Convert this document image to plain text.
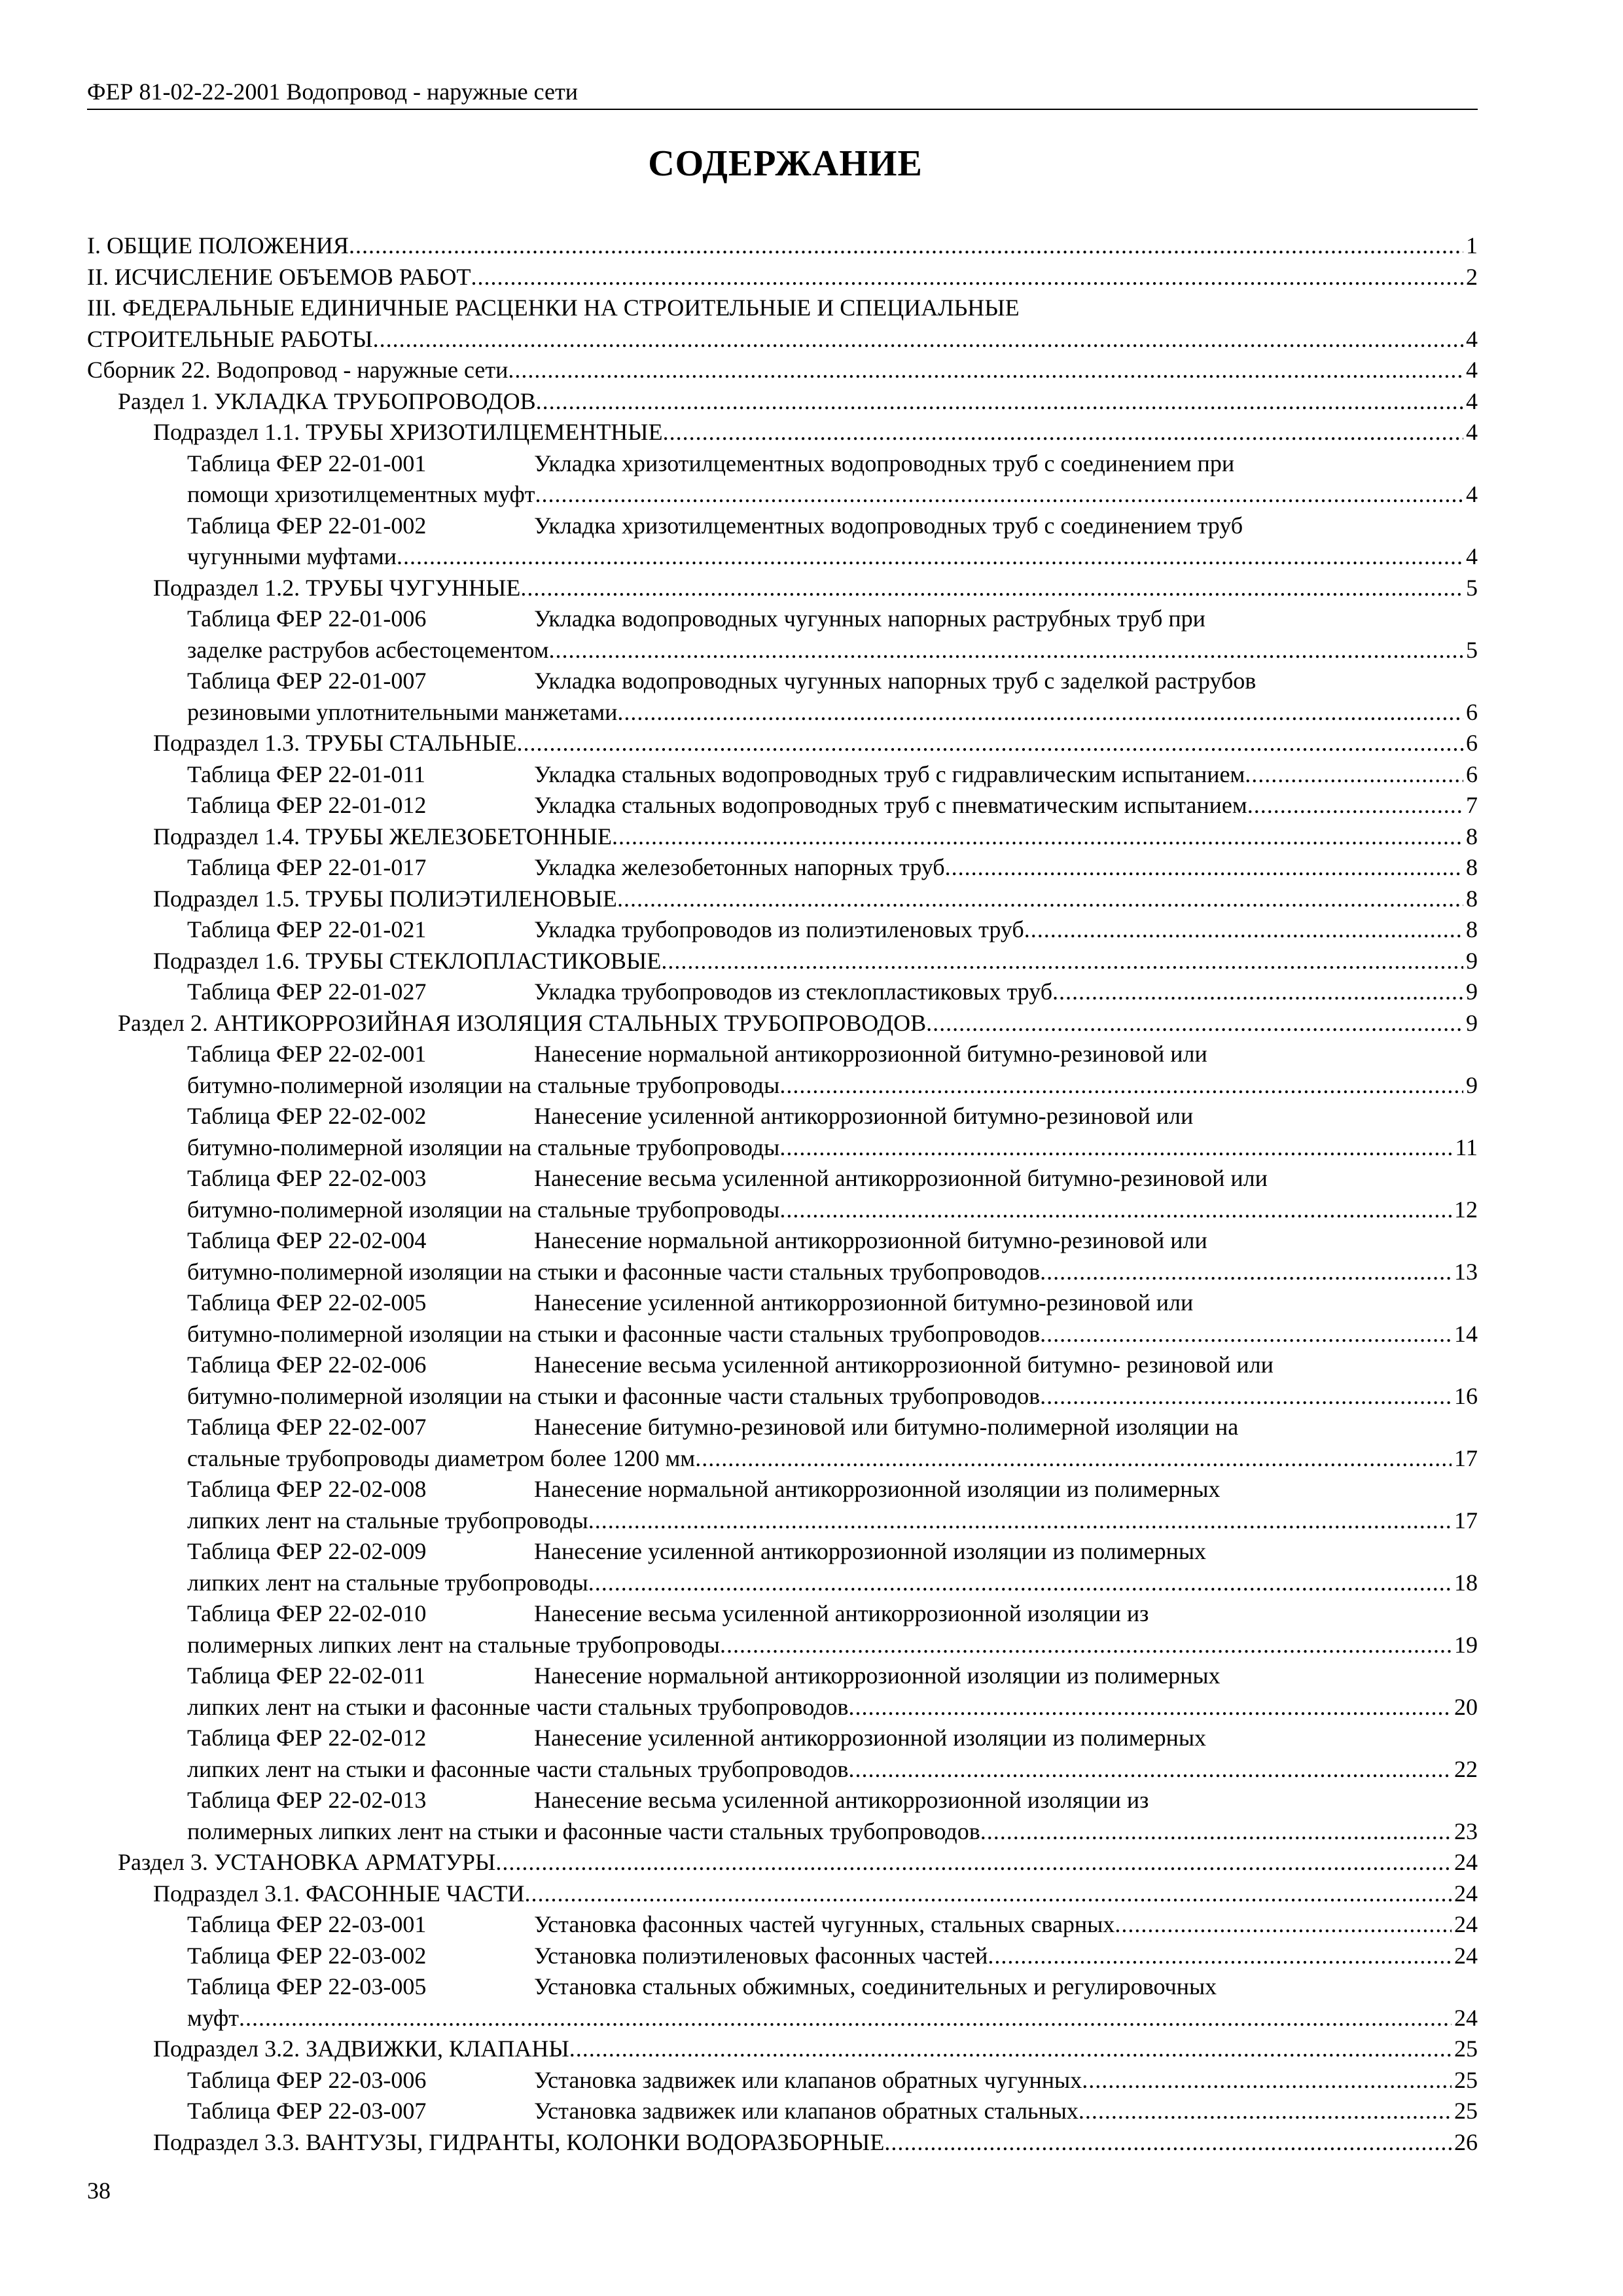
ФЕР 81-02-22-2001 Водопровод - наружные сети
СОДЕРЖАНИЕ
I. ОБЩИЕ ПОЛОЖЕНИЯ .....	1
II. ИСЧИСЛЕНИЕ ОБЪЕМОВ РАБОТ .....	2
III. ФЕДЕРАЛЬНЫЕ ЕДИНИЧНЫЕ РАСЦЕНКИ НА СТРОИТЕЛЬНЫЕ И СПЕЦИАЛЬНЫЕ
СТРОИТЕЛЬНЫЕ РАБОТЫ .....	4
Сборник 22. Водопровод - наружные сети .....	4
Раздел 1. УКЛАДКА ТРУБОПРОВОДОВ .....	4
Подраздел 1.1. ТРУБЫ ХРИЗОТИЛЦЕМЕНТНЫЕ .....	4
Таблица ФЕР 22-01-001	Укладка хризотилцементных водопроводных труб с соединением при
помощи хризотилцементных муфт .....	4
Таблица ФЕР 22-01-002	Укладка хризотилцементных водопроводных труб с соединением труб
чугунными муфтами .....	4
Подраздел 1.2. ТРУБЫ ЧУГУННЫЕ .....	5
Таблица ФЕР 22-01-006	Укладка водопроводных чугунных напорных раструбных труб при
заделке раструбов асбестоцементом .....	5
Таблица ФЕР 22-01-007	Укладка водопроводных чугунных напорных труб с заделкой раструбов
резиновыми уплотнительными манжетами .....	6
Подраздел 1.3. ТРУБЫ СТАЛЬНЫЕ .....	6
Таблица ФЕР 22-01-011	Укладка стальных водопроводных труб с гидравлическим испытанием .....	6
Таблица ФЕР 22-01-012	Укладка стальных водопроводных труб с пневматическим испытанием .....	7
Подраздел 1.4. ТРУБЫ ЖЕЛЕЗОБЕТОННЫЕ .....	8
Таблица ФЕР 22-01-017	Укладка железобетонных напорных труб .....	8
Подраздел 1.5. ТРУБЫ ПОЛИЭТИЛЕНОВЫЕ .....	8
Таблица ФЕР 22-01-021	Укладка трубопроводов из полиэтиленовых труб .....	8
Подраздел 1.6. ТРУБЫ СТЕКЛОПЛАСТИКОВЫЕ .....	9
Таблица ФЕР 22-01-027	Укладка трубопроводов из стеклопластиковых труб .....	9
Раздел 2. АНТИКОРРОЗИЙНАЯ ИЗОЛЯЦИЯ СТАЛЬНЫХ ТРУБОПРОВОДОВ .....	9
Таблица ФЕР 22-02-001	Нанесение нормальной антикоррозионной битумно-резиновой или
битумно-полимерной изоляции на стальные трубопроводы .....	9
Таблица ФЕР 22-02-002	Нанесение усиленной антикоррозионной битумно-резиновой или
битумно-полимерной изоляции на стальные трубопроводы .....	11
Таблица ФЕР 22-02-003	Нанесение весьма усиленной антикоррозионной битумно-резиновой или
битумно-полимерной изоляции на стальные трубопроводы .....	12
Таблица ФЕР 22-02-004	Нанесение нормальной антикоррозионной битумно-резиновой или
битумно-полимерной изоляции на стыки и фасонные части стальных трубопроводов .....	13
Таблица ФЕР 22-02-005	Нанесение усиленной антикоррозионной битумно-резиновой или
битумно-полимерной изоляции на стыки и фасонные части стальных трубопроводов .....	14
Таблица ФЕР 22-02-006	Нанесение весьма усиленной антикоррозионной битумно- резиновой или
битумно-полимерной изоляции на стыки и фасонные части стальных трубопроводов .....	16
Таблица ФЕР 22-02-007	Нанесение битумно-резиновой или битумно-полимерной изоляции на
стальные трубопроводы диаметром более 1200 мм .....	17
Таблица ФЕР 22-02-008	Нанесение нормальной антикоррозионной изоляции из полимерных
липких лент на стальные трубопроводы .....	17
Таблица ФЕР 22-02-009	Нанесение усиленной антикоррозионной изоляции из полимерных
липких лент на стальные трубопроводы .....	18
Таблица ФЕР 22-02-010	Нанесение весьма усиленной антикоррозионной изоляции из
полимерных липких лент на стальные трубопроводы .....	19
Таблица ФЕР 22-02-011	Нанесение нормальной антикоррозионной изоляции из полимерных
липких лент на стыки и фасонные части стальных трубопроводов .....	20
Таблица ФЕР 22-02-012	Нанесение усиленной антикоррозионной изоляции из полимерных
липких лент на стыки и фасонные части стальных трубопроводов .....	22
Таблица ФЕР 22-02-013	Нанесение весьма усиленной антикоррозионной изоляции из
полимерных липких лент на стыки и фасонные части стальных трубопроводов .....	23
Раздел 3. УСТАНОВКА АРМАТУРЫ .....	24
Подраздел 3.1. ФАСОННЫЕ ЧАСТИ .....	24
Таблица ФЕР 22-03-001	Установка фасонных частей чугунных, стальных сварных .....	24
Таблица ФЕР 22-03-002	Установка полиэтиленовых фасонных частей .....	24
Таблица ФЕР 22-03-005	Установка стальных обжимных, соединительных и регулировочных
муфт .....	24
Подраздел 3.2. ЗАДВИЖКИ, КЛАПАНЫ .....	25
Таблица ФЕР 22-03-006	Установка задвижек или клапанов обратных чугунных .....	25
Таблица ФЕР 22-03-007	Установка задвижек или клапанов обратных стальных .....	25
Подраздел 3.3. ВАНТУЗЫ, ГИДРАНТЫ, КОЛОНКИ ВОДОРАЗБОРНЫЕ .....	26
38
